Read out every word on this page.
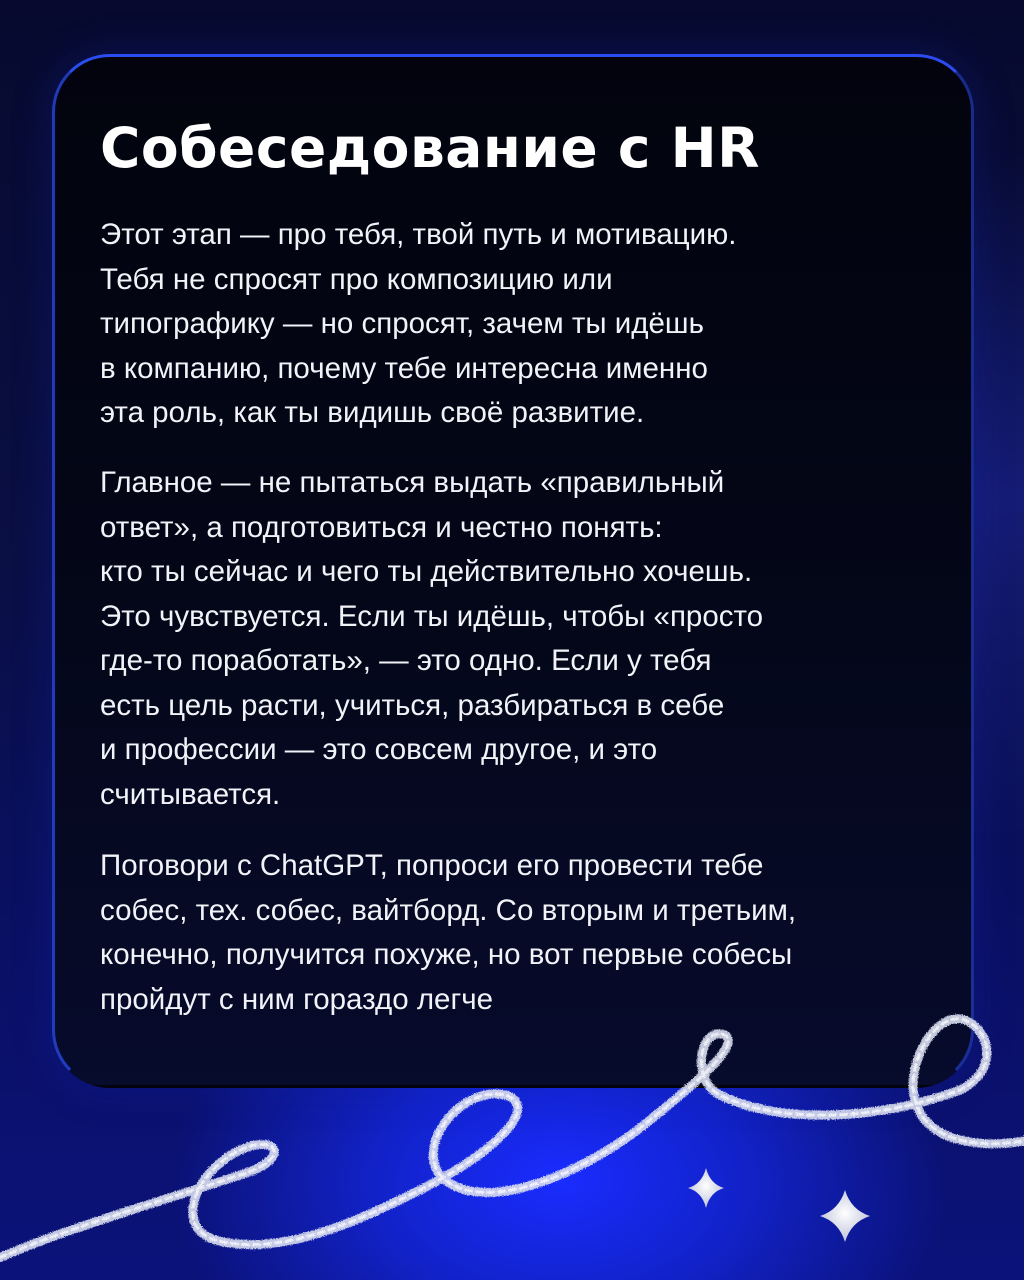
Собеседование с HR

Этот этап — про тебя, твой путь и мотивацию.
Тебя не спросят про композицию или
типографику — но спросят, зачем ты идёшь
в компанию, почему тебе интересна именно
эта роль, как ты видишь своё развитие.

Главное — не пытаться выдать «правильный
ответ», а подготовиться и честно понять:
кто ты сейчас и чего ты действительно хочешь.
Это чувствуется. Если ты идёшь, чтобы «просто
где-то поработать», — это одно. Если у тебя
есть цель расти, учиться, разбираться в себе
и профессии — это совсем другое, и это
считывается.

Поговори с ChatGPT, попроси его провести тебе
собес, тех. собес, вайтборд. Со вторым и третьим,
конечно, получится похуже, но вот первые собесы
пройдут с ним гораздо легче
